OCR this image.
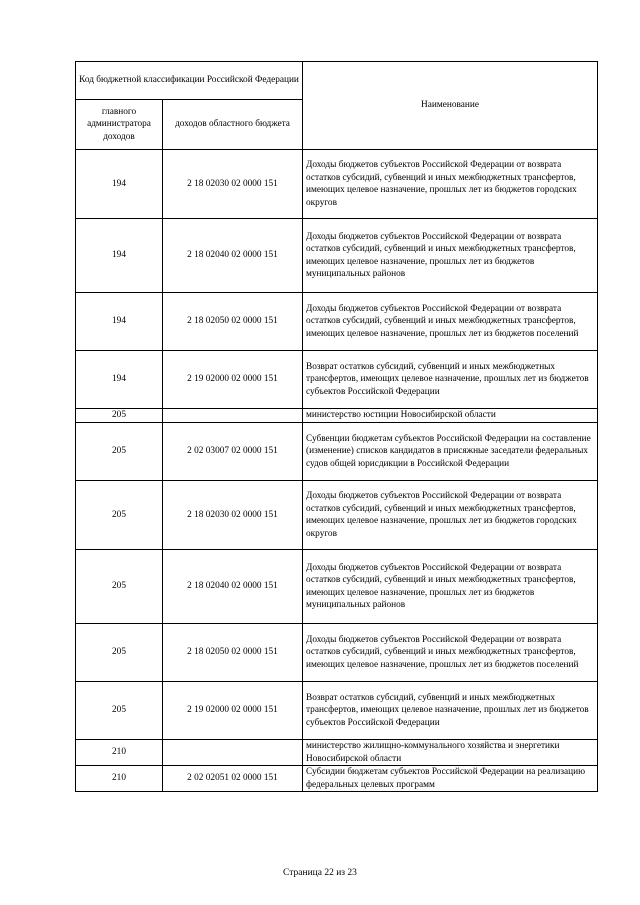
Код бюджетной классификации Российской Федерации		Наименование
главного администратора доходов	доходов областного бюджета	
194	2 18 02030 02 0000 151	Доходы бюджетов субъектов Российской Федерации от возврата остатков субсидий, субвенций и иных межбюджетных трансфертов, имеющих целевое назначение, прошлых лет из бюджетов городских округов
194	2 18 02040 02 0000 151	Доходы бюджетов субъектов Российской Федерации от возврата остатков субсидий, субвенций и иных межбюджетных трансфертов, имеющих целевое назначение, прошлых лет из бюджетов муниципальных районов
194	2 18 02050 02 0000 151	Доходы бюджетов субъектов Российской Федерации от возврата остатков субсидий, субвенций и иных межбюджетных трансфертов, имеющих целевое назначение, прошлых лет из бюджетов поселений
194	2 19 02000 02 0000 151	Возврат остатков субсидий, субвенций и иных межбюджетных трансфертов, имеющих целевое назначение, прошлых лет из бюджетов субъектов Российской Федерации
205		министерство юстиции Новосибирской области
205	2 02 03007 02 0000 151	Субвенции бюджетам субъектов Российской Федерации на составление (изменение) списков кандидатов в присяжные заседатели федеральных судов общей юрисдикции в Российской Федерации
205	2 18 02030 02 0000 151	Доходы бюджетов субъектов Российской Федерации от возврата остатков субсидий, субвенций и иных межбюджетных трансфертов, имеющих целевое назначение, прошлых лет из бюджетов городских округов
205	2 18 02040 02 0000 151	Доходы бюджетов субъектов Российской Федерации от возврата остатков субсидий, субвенций и иных межбюджетных трансфертов, имеющих целевое назначение, прошлых лет из бюджетов муниципальных районов
205	2 18 02050 02 0000 151	Доходы бюджетов субъектов Российской Федерации от возврата остатков субсидий, субвенций и иных межбюджетных трансфертов, имеющих целевое назначение, прошлых лет из бюджетов поселений
205	2 19 02000 02 0000 151	Возврат остатков субсидий, субвенций и иных межбюджетных трансфертов, имеющих целевое назначение, прошлых лет из бюджетов субъектов Российской Федерации
210		министерство жилищно-коммунального хозяйства и энергетики Новосибирской области
210	2 02 02051 02 0000 151	Субсидии бюджетам субъектов Российской Федерации на реализацию федеральных целевых программ
Страница 22 из 23
